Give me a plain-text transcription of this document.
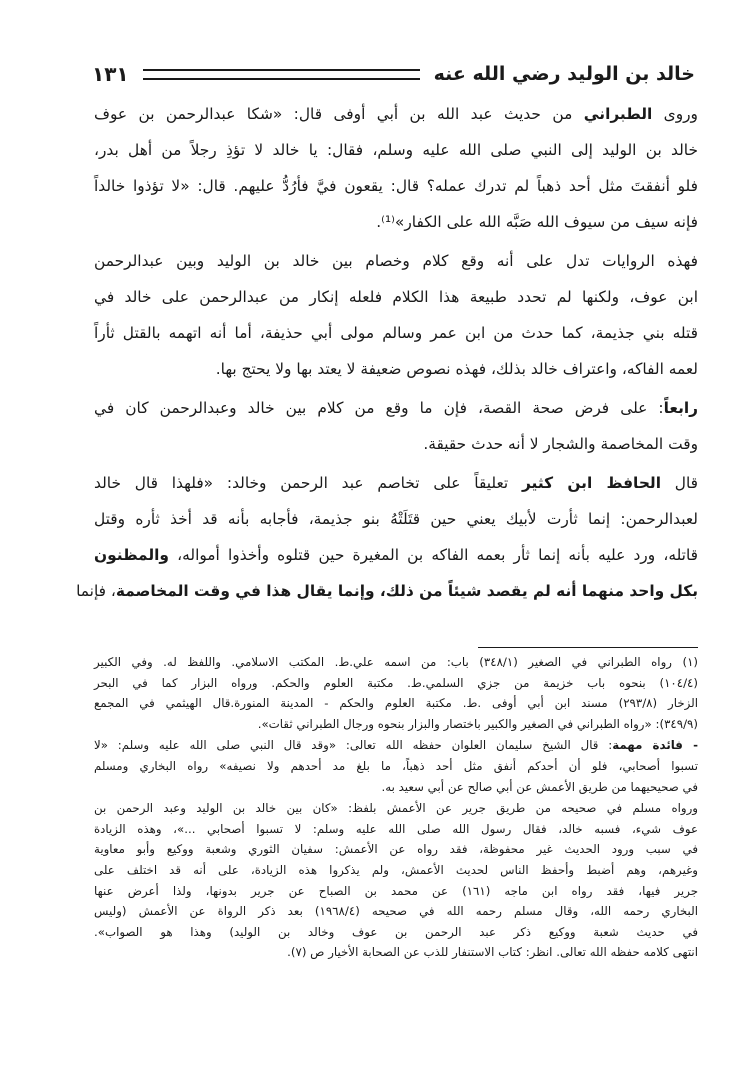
خالد بن الوليد رضي الله عنه
١٣١

وروى الطبراني من حديث عبد الله بن أبي أوفى قال: «شكا عبدالرحمن بن عوف

خالد بن الوليد إلى النبي صلى الله عليه وسلم، فقال: يا خالد لا تؤذِ رجلاً من أهل بدر،

فلو أنفقتَ مثل أحد ذهباً لم تدرك عمله؟ قال: يقعون فيَّ فأرُدُّ عليهم. قال: «لا تؤذوا خالداً

فإنه سيف من سيوف الله صَبَّه الله على الكفار»⁽¹⁾.

فهذه الروايات تدل على أنه وقع كلام وخصام بين خالد بن الوليد وبين عبدالرحمن

ابن عوف، ولكنها لم تحدد طبيعة هذا الكلام فلعله إنكار من عبدالرحمن على خالد في

قتله بني جذيمة، كما حدث من ابن عمر وسالم مولى أبي حذيفة، أما أنه اتهمه بالقتل ثأراً

لعمه الفاكه، واعتراف خالد بذلك، فهذه نصوص ضعيفة لا يعتد بها ولا يحتج بها.

رابعاً: على فرض صحة القصة، فإن ما وقع من كلام بين خالد وعبدالرحمن كان في

وقت المخاصمة والشجار لا أنه حدث حقيقة.

قال الحافظ ابن كثير تعليقاً على تخاصم عبد الرحمن وخالد: «فلهذا قال خالد

لعبدالرحمن: إنما ثأرت لأبيك يعني حين قتَلَتْهُ بنو جذيمة، فأجابه بأنه قد أخذ ثأره وقتل

قاتله، ورد عليه بأنه إنما ثأر بعمه الفاكه بن المغيرة حين قتلوه وأخذوا أمواله، والمظنون

بكل واحد منهما أنه لم يقصد شيئاً من ذلك، وإنما يقال هذا في وقت المخاصمة، فإنما

(١) رواه الطبراني في الصغير (٣٤٨/١) باب: من اسمه علي.ط. المكتب الاسلامي. واللفظ له. وفي الكبير

(١٠٤/٤) بنحوه باب خزيمة من جزي السلمي.ط. مكتبة العلوم والحكم. ورواه البزار كما في البحر

الزخار (٢٩٣/٨) مسند ابن أبي أوفى .ط. مكتبة العلوم والحكم - المدينة المنورة.قال الهيثمي في المجمع

(٣٤٩/٩): «رواه الطبراني في الصغير والكبير باختصار والبزار بنحوه ورجال الطبراني ثقات».

- فائدة مهمة: قال الشيخ سليمان العلوان حفظه الله تعالى: «وقد قال النبي صلى الله عليه وسلم: «لا

تسبوا أصحابي، فلو أن أحدكم أنفق مثل أحد ذهباً، ما بلغ مد أحدهم ولا نصيفه» رواه البخاري ومسلم

في صحيحيهما من طريق الأعمش عن أبي صالح عن أبي سعيد به.

ورواه مسلم في صحيحه من طريق جرير عن الأعمش بلفظ: «كان بين خالد بن الوليد وعبد الرحمن بن

عوف شيء، فسبه خالد، فقال رسول الله صلى الله عليه وسلم: لا تسبوا أصحابي ...»، وهذه الزيادة

في سبب ورود الحديث غير محفوظة، فقد رواه عن الأعمش: سفيان الثوري وشعبة ووكيع وأبو معاوية

وغيرهم، وهم أضبط وأحفظ الناس لحديث الأعمش، ولم يذكروا هذه الزيادة، على أنه قد اختلف على

جرير فيها، فقد رواه ابن ماجه (١٦١) عن محمد بن الصباح عن جرير بدونها، ولذا أعرض عنها

البخاري رحمه الله، وقال مسلم رحمه الله في صحيحه (١٩٦٨/٤) بعد ذكر الرواة عن الأعمش (وليس

في حديث شعبة ووكيع ذكر عبد الرحمن بن عوف وخالد بن الوليد) وهذا هو الصواب».

انتهى كلامه حفظه الله تعالى. انظر: كتاب الاستنفار للذب عن الصحابة الأخيار ص (٧).
